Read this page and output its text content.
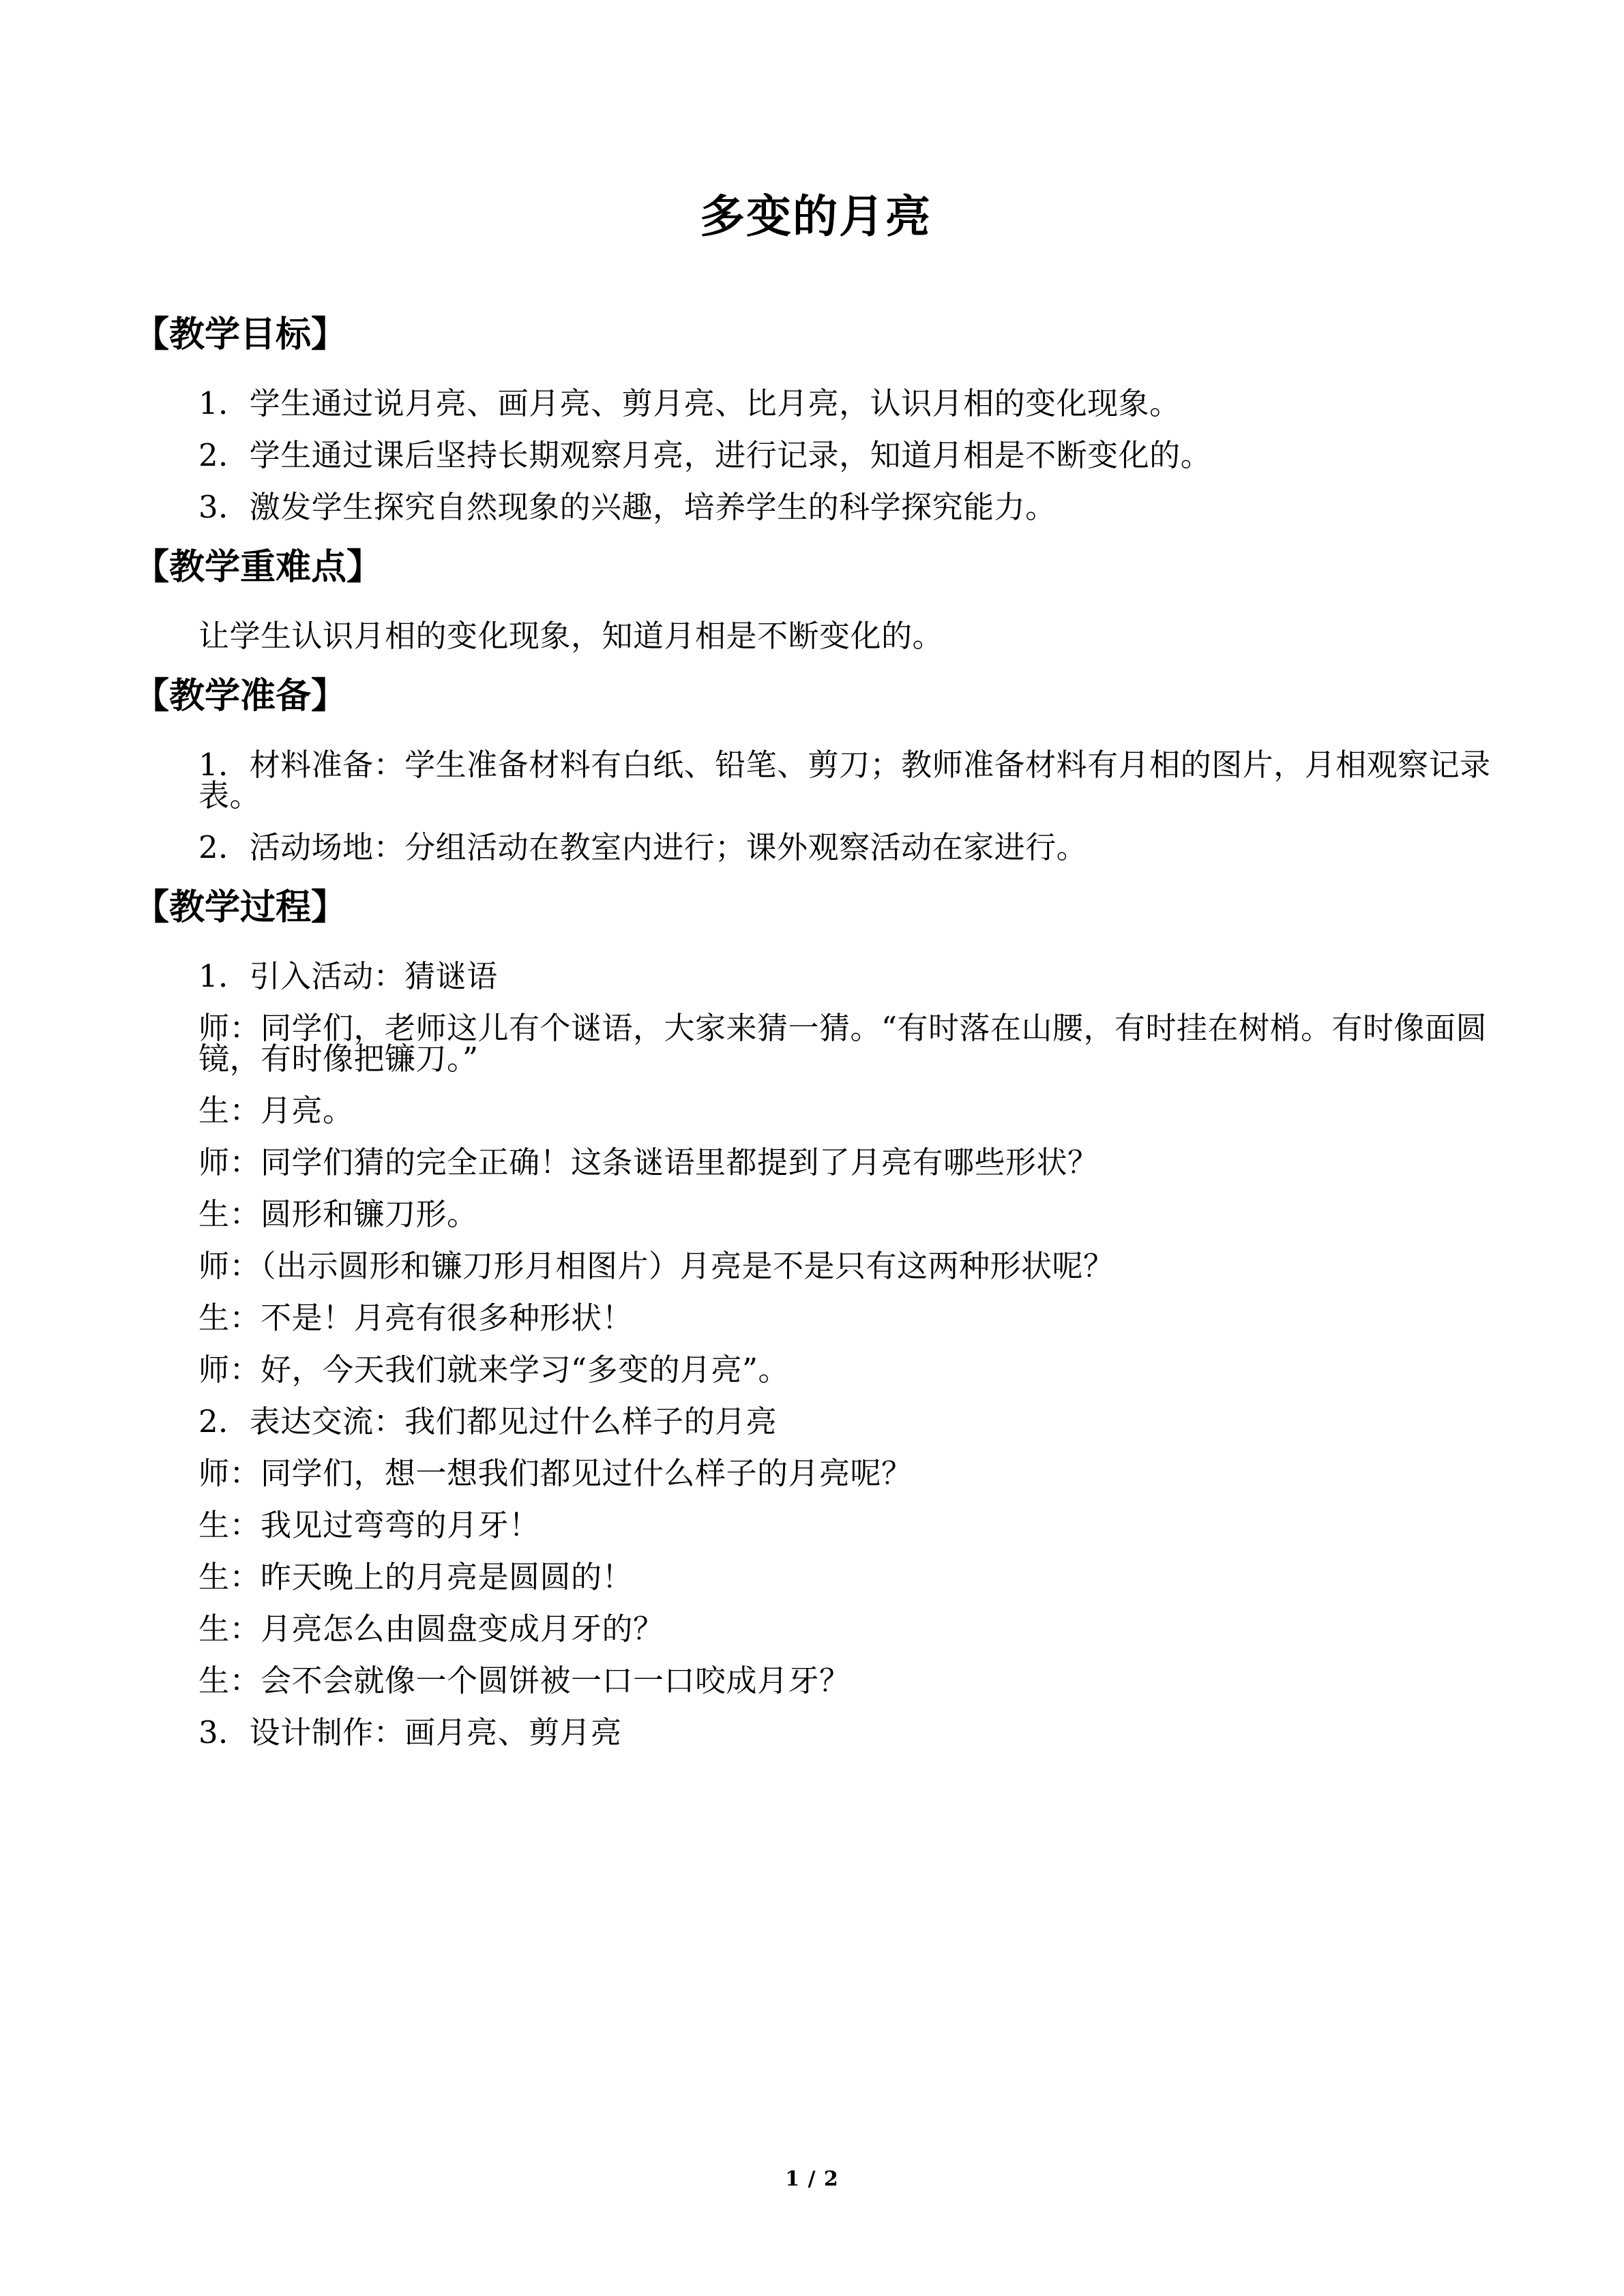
多变的月亮
【教学目标】
1．学生通过说月亮、画月亮、剪月亮、比月亮，认识月相的变化现象。
2．学生通过课后坚持长期观察月亮，进行记录，知道月相是不断变化的。
3．激发学生探究自然现象的兴趣，培养学生的科学探究能力。
【教学重难点】
让学生认识月相的变化现象，知道月相是不断变化的。
【教学准备】
1．材料准备：学生准备材料有白纸、铅笔、剪刀；教师准备材料有月相的图片，月相观察记录表。
2．活动场地：分组活动在教室内进行；课外观察活动在家进行。
【教学过程】
1．引入活动：猜谜语
师：同学们，老师这儿有个谜语，大家来猜一猜。“有时落在山腰，有时挂在树梢。有时像面圆镜，有时像把镰刀。”
生：月亮。
师：同学们猜的完全正确！这条谜语里都提到了月亮有哪些形状？
生：圆形和镰刀形。
师：（出示圆形和镰刀形月相图片）月亮是不是只有这两种形状呢？
生：不是！月亮有很多种形状！
师：好，今天我们就来学习“多变的月亮”。
2．表达交流：我们都见过什么样子的月亮
师：同学们，想一想我们都见过什么样子的月亮呢？
生：我见过弯弯的月牙！
生：昨天晚上的月亮是圆圆的！
生：月亮怎么由圆盘变成月牙的？
生：会不会就像一个圆饼被一口一口咬成月牙？
3．设计制作：画月亮、剪月亮
1 / 2
